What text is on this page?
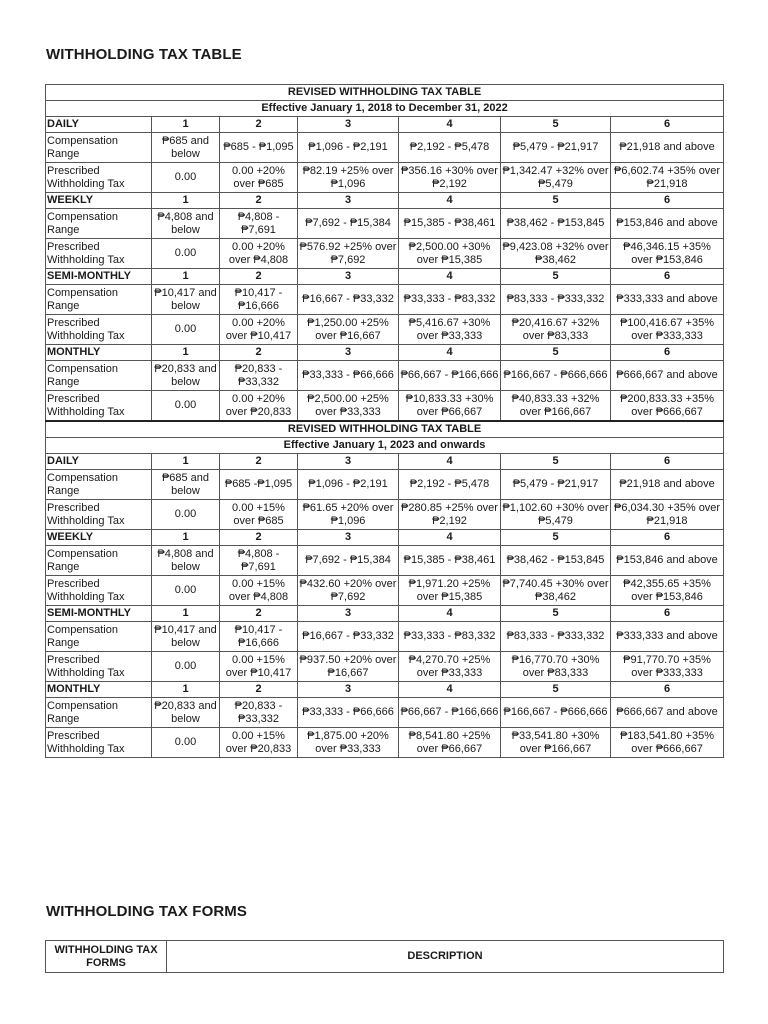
WITHHOLDING TAX TABLE
REVISED WITHHOLDING TAX TABLE						
Effective January 1, 2018 to December 31, 2022						
DAILY	1	2	3	4	5	6
Compensation Range	₱685 and below	₱685 - ₱1,095	₱1,096 - ₱2,191	₱2,192 - ₱5,478	₱5,479 - ₱21,917	₱21,918 and above
Prescribed Withholding Tax	0.00	0.00 +20% over ₱685	₱82.19 +25% over ₱1,096	₱356.16 +30% over ₱2,192	₱1,342.47 +32% over ₱5,479	₱6,602.74 +35% over ₱21,918
WEEKLY	1	2	3	4	5	6
Compensation Range	₱4,808 and below	₱4,808 - ₱7,691	₱7,692 - ₱15,384	₱15,385 - ₱38,461	₱38,462 - ₱153,845	₱153,846 and above
Prescribed Withholding Tax	0.00	0.00 +20% over ₱4,808	₱576.92 +25% over ₱7,692	₱2,500.00 +30% over ₱15,385	₱9,423.08 +32% over ₱38,462	₱46,346.15 +35% over ₱153,846
SEMI-MONTHLY	1	2	3	4	5	6
Compensation Range	₱10,417 and below	₱10,417 - ₱16,666	₱16,667 - ₱33,332	₱33,333 - ₱83,332	₱83,333 - ₱333,332	₱333,333 and above
Prescribed Withholding Tax	0.00	0.00 +20% over ₱10,417	₱1,250.00 +25% over ₱16,667	₱5,416.67 +30% over ₱33,333	₱20,416.67 +32% over ₱83,333	₱100,416.67 +35% over ₱333,333
MONTHLY	1	2	3	4	5	6
Compensation Range	₱20,833 and below	₱20,833 - ₱33,332	₱33,333 - ₱66,666	₱66,667 - ₱166,666	₱166,667 - ₱666,666	₱666,667 and above
Prescribed Withholding Tax	0.00	0.00 +20% over ₱20,833	₱2,500.00 +25% over ₱33,333	₱10,833.33 +30% over ₱66,667	₱40,833.33 +32% over ₱166,667	₱200,833.33 +35% over ₱666,667
REVISED WITHHOLDING TAX TABLE						
Effective January 1, 2023 and onwards						
DAILY	1	2	3	4	5	6
Compensation Range	₱685 and below	₱685 -₱1,095	₱1,096 - ₱2,191	₱2,192 - ₱5,478	₱5,479 - ₱21,917	₱21,918 and above
Prescribed Withholding Tax	0.00	0.00 +15% over ₱685	₱61.65 +20% over ₱1,096	₱280.85 +25% over ₱2,192	₱1,102.60 +30% over ₱5,479	₱6,034.30 +35% over ₱21,918
WEEKLY	1	2	3	4	5	6
Compensation Range	₱4,808 and below	₱4,808 - ₱7,691	₱7,692 - ₱15,384	₱15,385 - ₱38,461	₱38,462 - ₱153,845	₱153,846 and above
Prescribed Withholding Tax	0.00	0.00 +15% over ₱4,808	₱432.60 +20% over ₱7,692	₱1,971.20 +25% over ₱15,385	₱7,740.45 +30% over ₱38,462	₱42,355.65 +35% over ₱153,846
SEMI-MONTHLY	1	2	3	4	5	6
Compensation Range	₱10,417 and below	₱10,417 - ₱16,666	₱16,667 - ₱33,332	₱33,333 - ₱83,332	₱83,333 - ₱333,332	₱333,333 and above
Prescribed Withholding Tax	0.00	0.00 +15% over ₱10,417	₱937.50 +20% over ₱16,667	₱4,270.70 +25% over ₱33,333	₱16,770.70 +30% over ₱83,333	₱91,770.70 +35% over ₱333,333
MONTHLY	1	2	3	4	5	6
Compensation Range	₱20,833 and below	₱20,833 - ₱33,332	₱33,333 - ₱66,666	₱66,667 - ₱166,666	₱166,667 - ₱666,666	₱666,667 and above
Prescribed Withholding Tax	0.00	0.00 +15% over ₱20,833	₱1,875.00 +20% over ₱33,333	₱8,541.80 +25% over ₱66,667	₱33,541.80 +30% over ₱166,667	₱183,541.80 +35% over ₱666,667
WITHHOLDING TAX FORMS
WITHHOLDING TAX FORMS	DESCRIPTION
